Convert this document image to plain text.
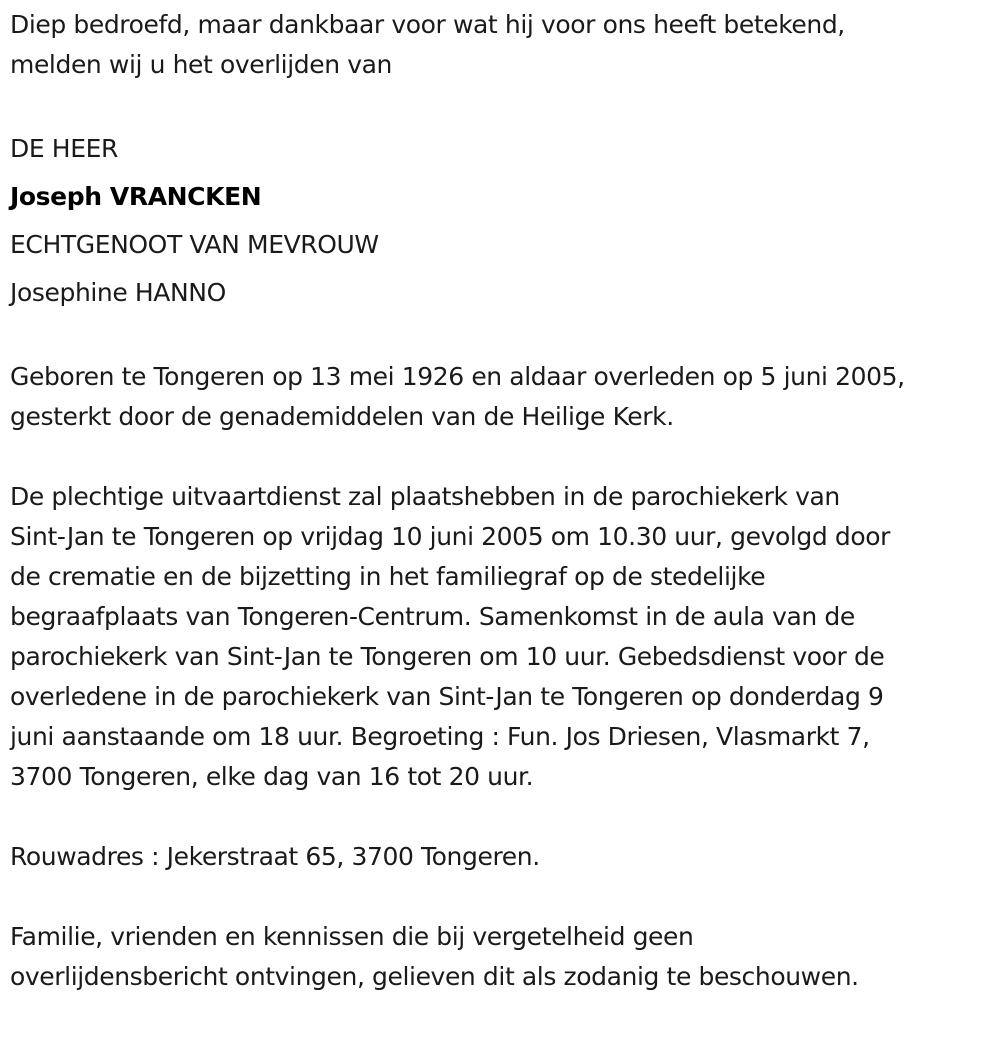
Diep bedroefd, maar dankbaar voor wat hij voor ons heeft betekend,
melden wij u het overlijden van
DE HEER
Joseph VRANCKEN
ECHTGENOOT VAN MEVROUW
Josephine HANNO
Geboren te Tongeren op 13 mei 1926 en aldaar overleden op 5 juni 2005,
gesterkt door de genademiddelen van de Heilige Kerk.
De plechtige uitvaartdienst zal plaatshebben in de parochiekerk van
Sint-Jan te Tongeren op vrijdag 10 juni 2005 om 10.30 uur, gevolgd door
de crematie en de bijzetting in het familiegraf op de stedelijke
begraafplaats van Tongeren-Centrum. Samenkomst in de aula van de
parochiekerk van Sint-Jan te Tongeren om 10 uur. Gebedsdienst voor de
overledene in de parochiekerk van Sint-Jan te Tongeren op donderdag 9
juni aanstaande om 18 uur. Begroeting : Fun. Jos Driesen, Vlasmarkt 7,
3700 Tongeren, elke dag van 16 tot 20 uur.
Rouwadres : Jekerstraat 65, 3700 Tongeren.
Familie, vrienden en kennissen die bij vergetelheid geen
overlijdensbericht ontvingen, gelieven dit als zodanig te beschouwen.
